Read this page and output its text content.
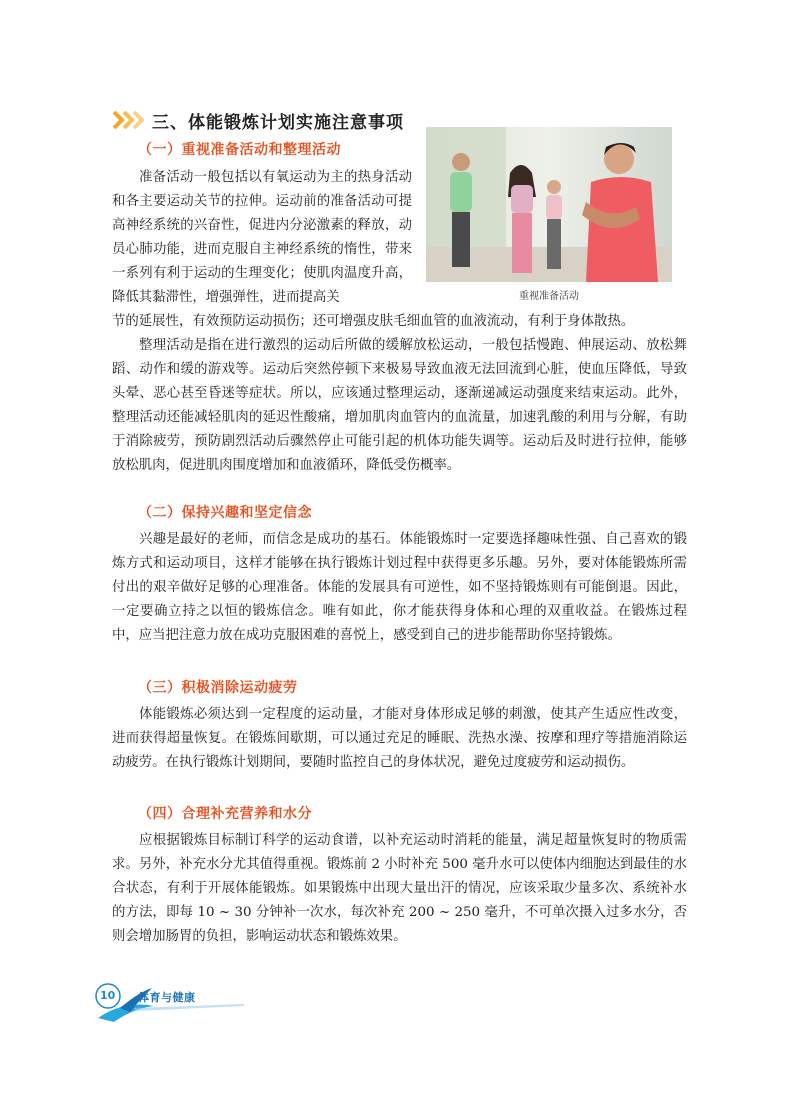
三、体能锻炼计划实施注意事项
（一）重视准备活动和整理活动

准备活动一般包括以有氧运动为主的热身活动和各主要运动关节的拉伸。运动前的准备活动可提高神经系统的兴奋性，促进内分泌激素的释放，动员心肺功能，进而克服自主神经系统的惰性，带来一系列有利于运动的生理变化；使肌肉温度升高，降低其黏滞性，增强弹性，进而提高关

节的延展性，有效预防运动损伤；还可增强皮肤毛细血管的血液流动，有利于身体散热。

整理活动是指在进行激烈的运动后所做的缓解放松运动，一般包括慢跑、伸展运动、放松舞蹈、动作和缓的游戏等。运动后突然停顿下来极易导致血液无法回流到心脏，使血压降低，导致头晕、恶心甚至昏迷等症状。所以，应该通过整理运动，逐渐递减运动强度来结束运动。此外，整理活动还能减轻肌肉的延迟性酸痛，增加肌肉血管内的血流量，加速乳酸的利用与分解，有助于消除疲劳，预防剧烈活动后骤然停止可能引起的机体功能失调等。运动后及时进行拉伸，能够放松肌肉，促进肌肉围度增加和血液循环，降低受伤概率。

重视准备活动
（二）保持兴趣和坚定信念

兴趣是最好的老师，而信念是成功的基石。体能锻炼时一定要选择趣味性强、自己喜欢的锻炼方式和运动项目，这样才能够在执行锻炼计划过程中获得更多乐趣。另外，要对体能锻炼所需付出的艰辛做好足够的心理准备。体能的发展具有可逆性，如不坚持锻炼则有可能倒退。因此，一定要确立持之以恒的锻炼信念。唯有如此，你才能获得身体和心理的双重收益。在锻炼过程中，应当把注意力放在成功克服困难的喜悦上，感受到自己的进步能帮助你坚持锻炼。

（三）积极消除运动疲劳

体能锻炼必须达到一定程度的运动量，才能对身体形成足够的刺激，使其产生适应性改变，进而获得超量恢复。在锻炼间歇期，可以通过充足的睡眠、洗热水澡、按摩和理疗等措施消除运动疲劳。在执行锻炼计划期间，要随时监控自己的身体状况，避免过度疲劳和运动损伤。

（四）合理补充营养和水分

应根据锻炼目标制订科学的运动食谱，以补充运动时消耗的能量，满足超量恢复时的物质需求。另外，补充水分尤其值得重视。锻炼前 2 小时补充 500 毫升水可以使体内细胞达到最佳的水合状态，有利于开展体能锻炼。如果锻炼中出现大量出汗的情况，应该采取少量多次、系统补水的方法，即每 10 ~ 30 分钟补一次水，每次补充 200 ~ 250 毫升，不可单次摄入过多水分，否则会增加肠胃的负担，影响运动状态和锻炼效果。

10 体育与健康
